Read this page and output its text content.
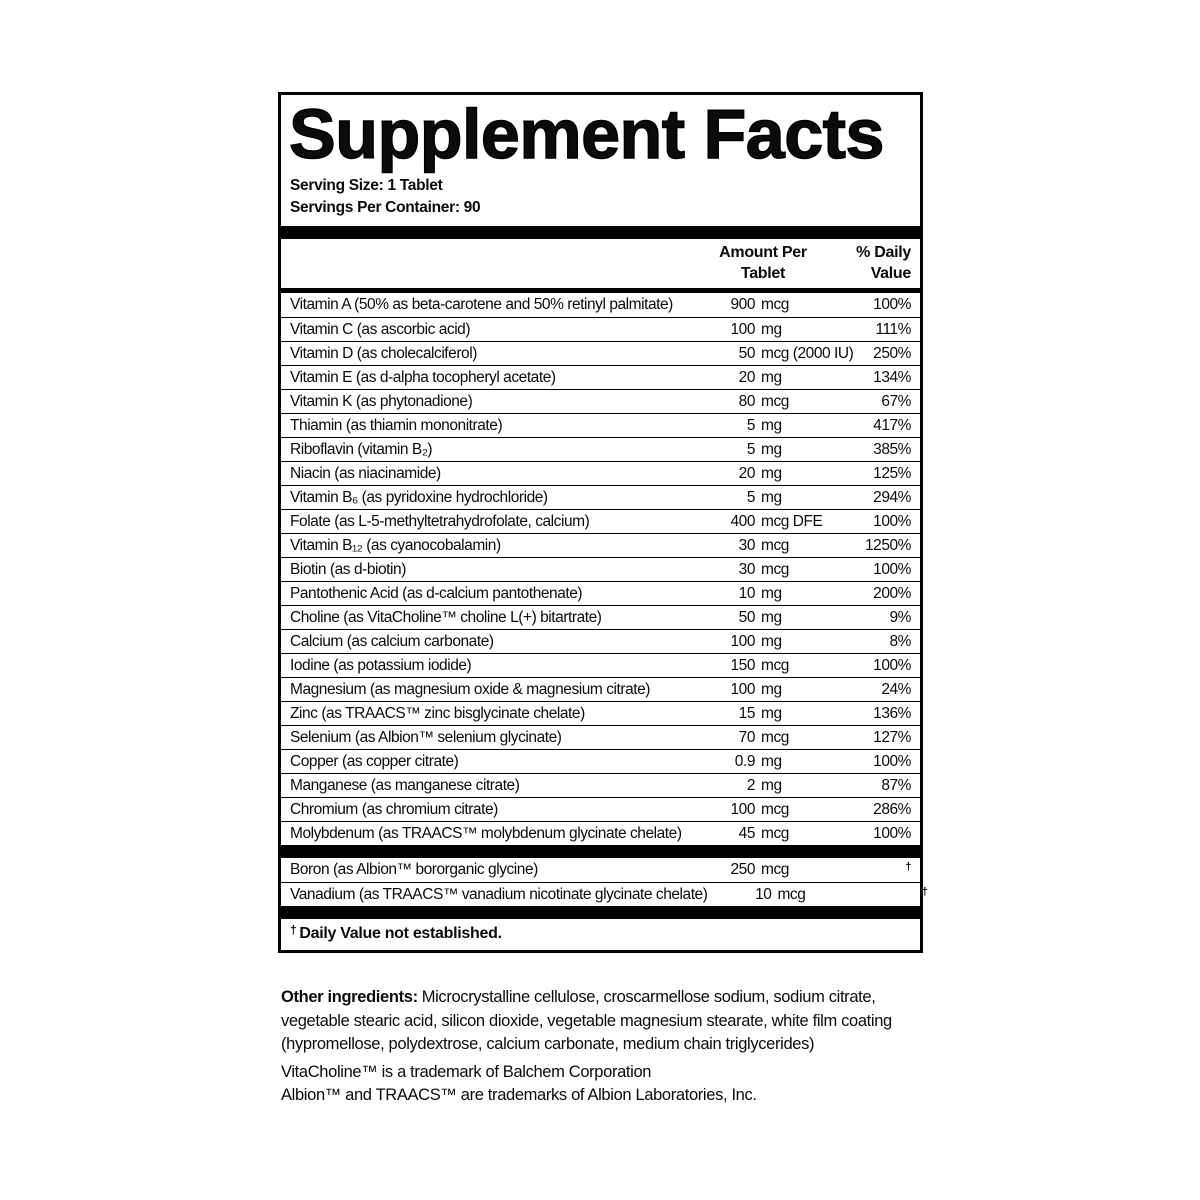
Supplement Facts
Serving Size: 1 Tablet
Servings Per Container: 90
Amount Per
Tablet
% Daily
Value
Vitamin A (50% as beta-carotene and 50% retinyl palmitate)	900 mcg	100%
Vitamin C (as ascorbic acid)	100 mg	111%
Vitamin D (as cholecalciferol)	50 mcg (2000 IU)	250%
Vitamin E (as d-alpha tocopheryl acetate)	20 mg	134%
Vitamin K (as phytonadione)	80 mcg	67%
Thiamin (as thiamin mononitrate)	5 mg	417%
Riboflavin (vitamin B₂)	5 mg	385%
Niacin (as niacinamide)	20 mg	125%
Vitamin B₆ (as pyridoxine hydrochloride)	5 mg	294%
Folate (as L-5-methyltetrahydrofolate, calcium)	400 mcg DFE	100%
Vitamin B₁₂ (as cyanocobalamin)	30 mcg	1250%
Biotin (as d-biotin)	30 mcg	100%
Pantothenic Acid (as d-calcium pantothenate)	10 mg	200%
Choline (as VitaCholine™ choline L(+) bitartrate)	50 mg	9%
Calcium (as calcium carbonate)	100 mg	8%
Iodine (as potassium iodide)	150 mcg	100%
Magnesium (as magnesium oxide & magnesium citrate)	100 mg	24%
Zinc (as TRAACS™ zinc bisglycinate chelate)	15 mg	136%
Selenium (as Albion™ selenium glycinate)	70 mcg	127%
Copper (as copper citrate)	0.9 mg	100%
Manganese (as manganese citrate)	2 mg	87%
Chromium (as chromium citrate)	100 mcg	286%
Molybdenum (as TRAACS™ molybdenum glycinate chelate)	45 mcg	100%
Boron (as Albion™ bororganic glycine)	250 mcg	†
Vanadium (as TRAACS™ vanadium nicotinate glycinate chelate)	10 mcg	†
† Daily Value not established.

Other ingredients: Microcrystalline cellulose, croscarmellose sodium, sodium citrate, vegetable stearic acid, silicon dioxide, vegetable magnesium stearate, white film coating (hypromellose, polydextrose, calcium carbonate, medium chain triglycerides)

VitaCholine™ is a trademark of Balchem Corporation
Albion™ and TRAACS™ are trademarks of Albion Laboratories, Inc.
